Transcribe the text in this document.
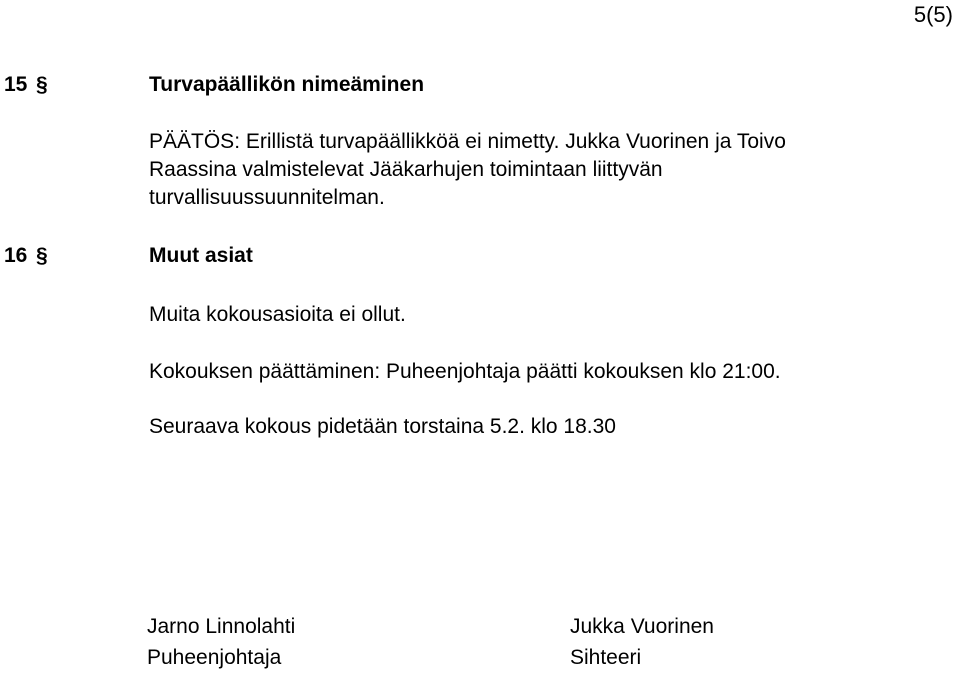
5(5)
15 §	Turvapäällikön nimeäminen
PÄÄTÖS: Erillistä turvapäällikköä ei nimetty. Jukka Vuorinen ja Toivo
Raassina valmistelevat Jääkarhujen toimintaan liittyvän
turvallisuussuunnitelman.
16 §	Muut asiat
Muita kokousasioita ei ollut.
Kokouksen päättäminen: Puheenjohtaja päätti kokouksen klo 21:00.
Seuraava kokous pidetään torstaina 5.2. klo 18.30
Jarno Linnolahti
Puheenjohtaja
Jukka Vuorinen
Sihteeri
